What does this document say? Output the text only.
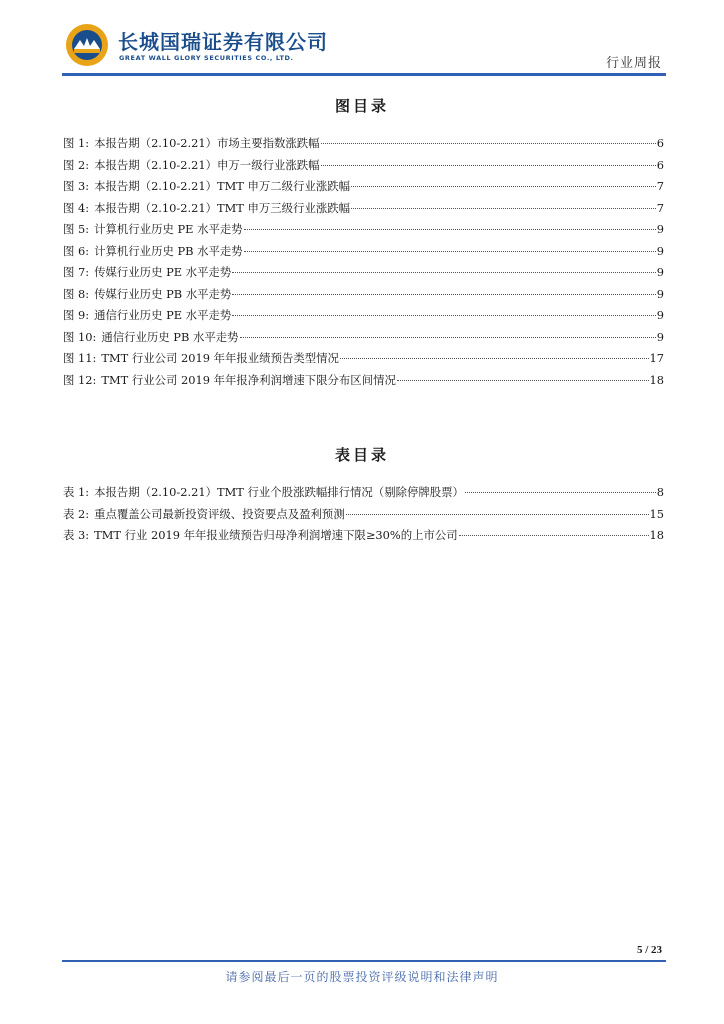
长城国瑞证券有限公司
GREAT WALL GLORY SECURITIES CO., LTD.	行业周报
图目录
图 1: 本报告期（2.10-2.21）市场主要指数涨跌幅	6
图 2: 本报告期（2.10-2.21）申万一级行业涨跌幅	6
图 3: 本报告期（2.10-2.21）TMT 申万二级行业涨跌幅	7
图 4: 本报告期（2.10-2.21）TMT 申万三级行业涨跌幅	7
图 5: 计算机行业历史 PE 水平走势	9
图 6: 计算机行业历史 PB 水平走势	9
图 7: 传媒行业历史 PE 水平走势	9
图 8: 传媒行业历史 PB 水平走势	9
图 9: 通信行业历史 PE 水平走势	9
图 10: 通信行业历史 PB 水平走势	9
图 11: TMT 行业公司 2019 年年报业绩预告类型情况	17
图 12: TMT 行业公司 2019 年年报净利润增速下限分布区间情况	18
表目录
表 1: 本报告期（2.10-2.21）TMT 行业个股涨跌幅排行情况（剔除停牌股票）	8
表 2: 重点覆盖公司最新投资评级、投资要点及盈利预测	15
表 3: TMT 行业 2019 年年报业绩预告归母净利润增速下限≥30%的上市公司	18
5 / 23
请参阅最后一页的股票投资评级说明和法律声明
